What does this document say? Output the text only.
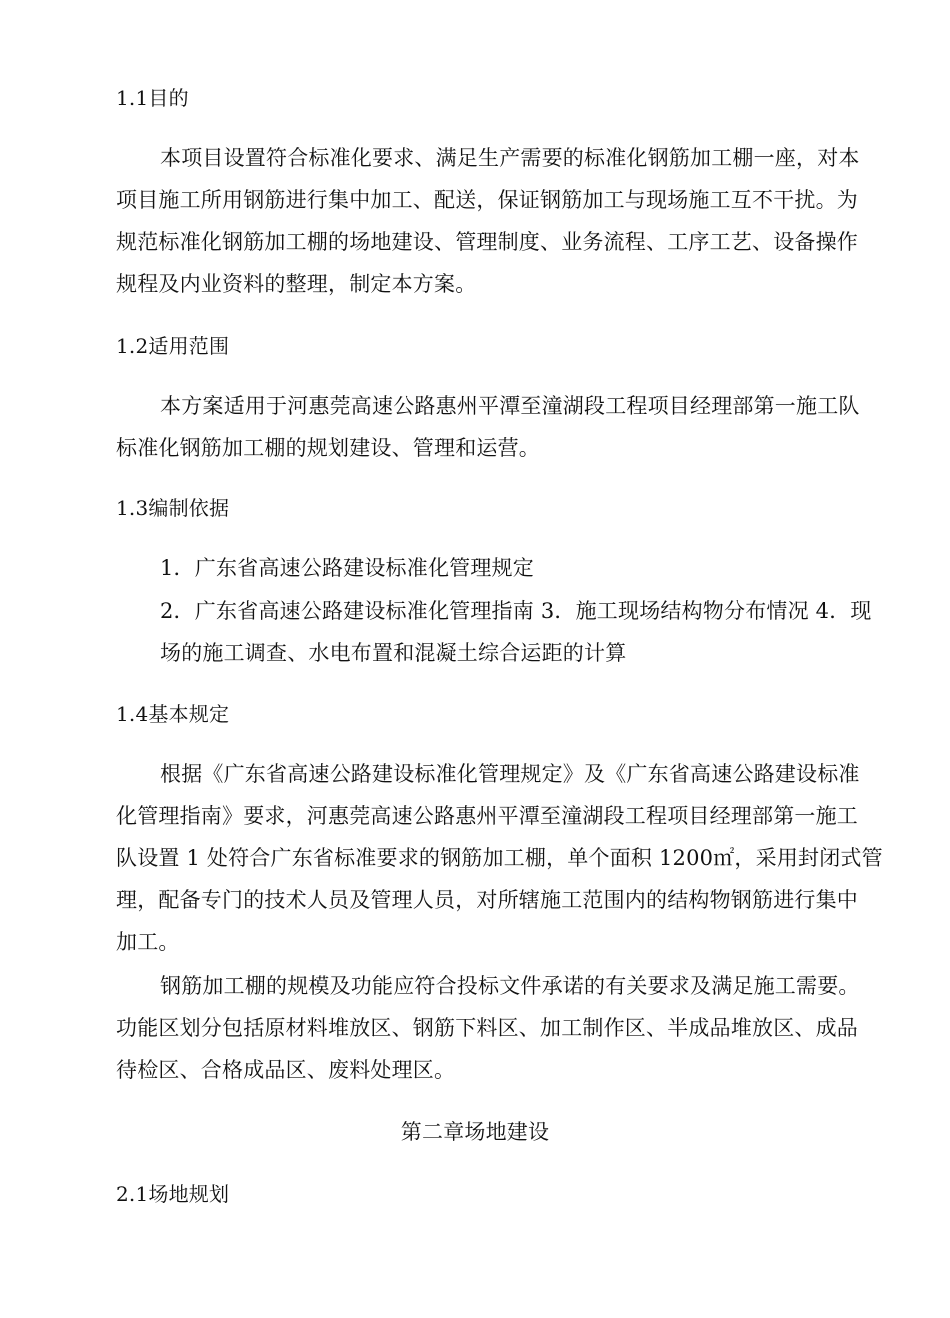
1.1目的
本项目设置符合标准化要求、满足生产需要的标准化钢筋加工棚一座，对本
项目施工所用钢筋进行集中加工、配送，保证钢筋加工与现场施工互不干扰。为
规范标准化钢筋加工棚的场地建设、管理制度、业务流程、工序工艺、设备操作
规程及内业资料的整理，制定本方案。
1.2适用范围
本方案适用于河惠莞高速公路惠州平潭至潼湖段工程项目经理部第一施工队
标准化钢筋加工棚的规划建设、管理和运营。
1.3编制依据
1．广东省高速公路建设标准化管理规定
2．广东省高速公路建设标准化管理指南 3．施工现场结构物分布情况 4．现
场的施工调查、水电布置和混凝土综合运距的计算
1.4基本规定
根据《广东省高速公路建设标准化管理规定》及《广东省高速公路建设标准
化管理指南》要求，河惠莞高速公路惠州平潭至潼湖段工程项目经理部第一施工
队设置 1 处符合广东省标准要求的钢筋加工棚，单个面积 1200㎡，采用封闭式管
理，配备专门的技术人员及管理人员，对所辖施工范围内的结构物钢筋进行集中
加工。
钢筋加工棚的规模及功能应符合投标文件承诺的有关要求及满足施工需要。
功能区划分包括原材料堆放区、钢筋下料区、加工制作区、半成品堆放区、成品
待检区、合格成品区、废料处理区。
第二章场地建设
2.1场地规划
